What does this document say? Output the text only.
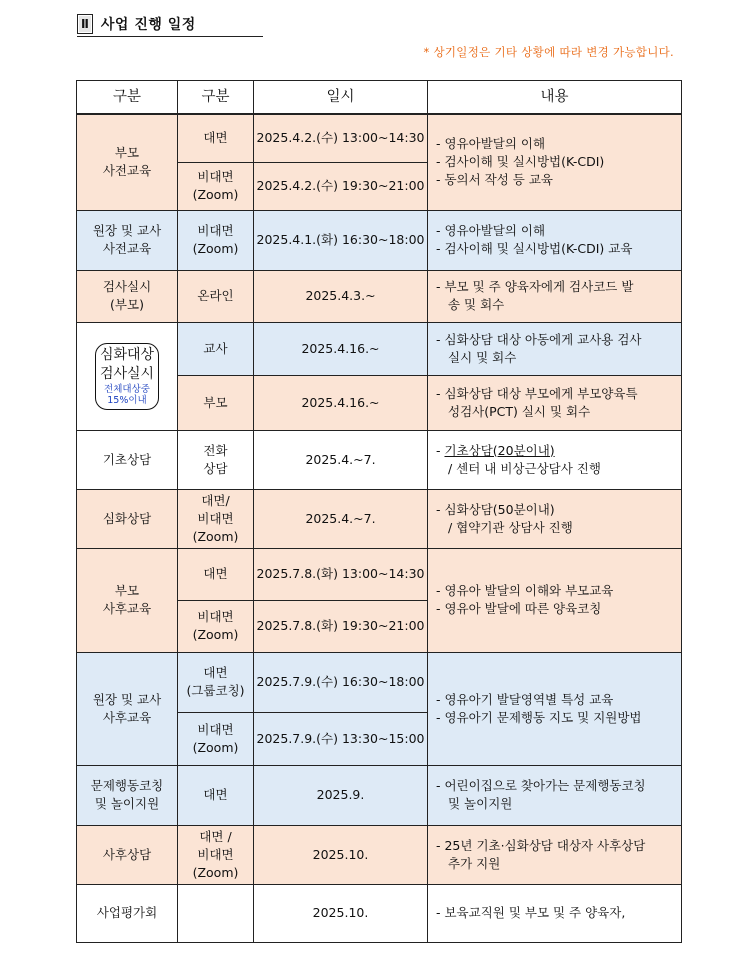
Ⅱ 사업 진행 일정
* 상기일정은 기타 상황에 따라 변경 가능합니다.
구분	구분	일시	내용

부모
사전교육	대면	2025.4.2.(수) 13:00~14:30	- 영유아발달의 이해
- 검사이해 및 실시방법(K-CDI)
- 동의서 작성 등 교육

	비대면
(Zoom)	2025.4.2.(수) 19:30~21:00	

원장 및 교사
사전교육	비대면
(Zoom)	2025.4.1.(화) 16:30~18:00	- 영유아발달의 이해
- 검사이해 및 실시방법(K-CDI) 교육

검사실시
(부모)	온라인	2025.4.3.~	- 부모 및 주 양육자에게 검사코드 발
송 및 회수

심화대상
검사실시
전체대상중
15%이내	교사	2025.4.16.~	- 심화상담 대상 아동에게 교사용 검사
실시 및 회수

	부모	2025.4.16.~	- 심화상담 대상 부모에게 부모양육특
성검사(PCT) 실시 및 회수

기초상담	전화
상담	2025.4.~7.	- 기초상담(20분이내)
/ 센터 내 비상근상담사 진행

심화상담	대면/
비대면
(Zoom)	2025.4.~7.	- 심화상담(50분이내)
/ 협약기관 상담사 진행

부모
사후교육	대면	2025.7.8.(화) 13:00~14:30	- 영유아 발달의 이해와 부모교육
- 영유아 발달에 따른 양육코칭

	비대면
(Zoom)	2025.7.8.(화) 19:30~21:00	

원장 및 교사
사후교육	대면
(그룹코칭)	2025.7.9.(수) 16:30~18:00	- 영유아기 발달영역별 특성 교육
- 영유아기 문제행동 지도 및 지원방법

	비대면
(Zoom)	2025.7.9.(수) 13:30~15:00	

문제행동코칭
및 놀이지원	대면	2025.9.	- 어린이집으로 찾아가는 문제행동코칭
및 놀이지원

사후상담	대면 /
비대면
(Zoom)	2025.10.	- 25년 기초·심화상담 대상자 사후상담
추가 지원

사업평가회		2025.10.	- 보육교직원 및 부모 및 주 양육자,
